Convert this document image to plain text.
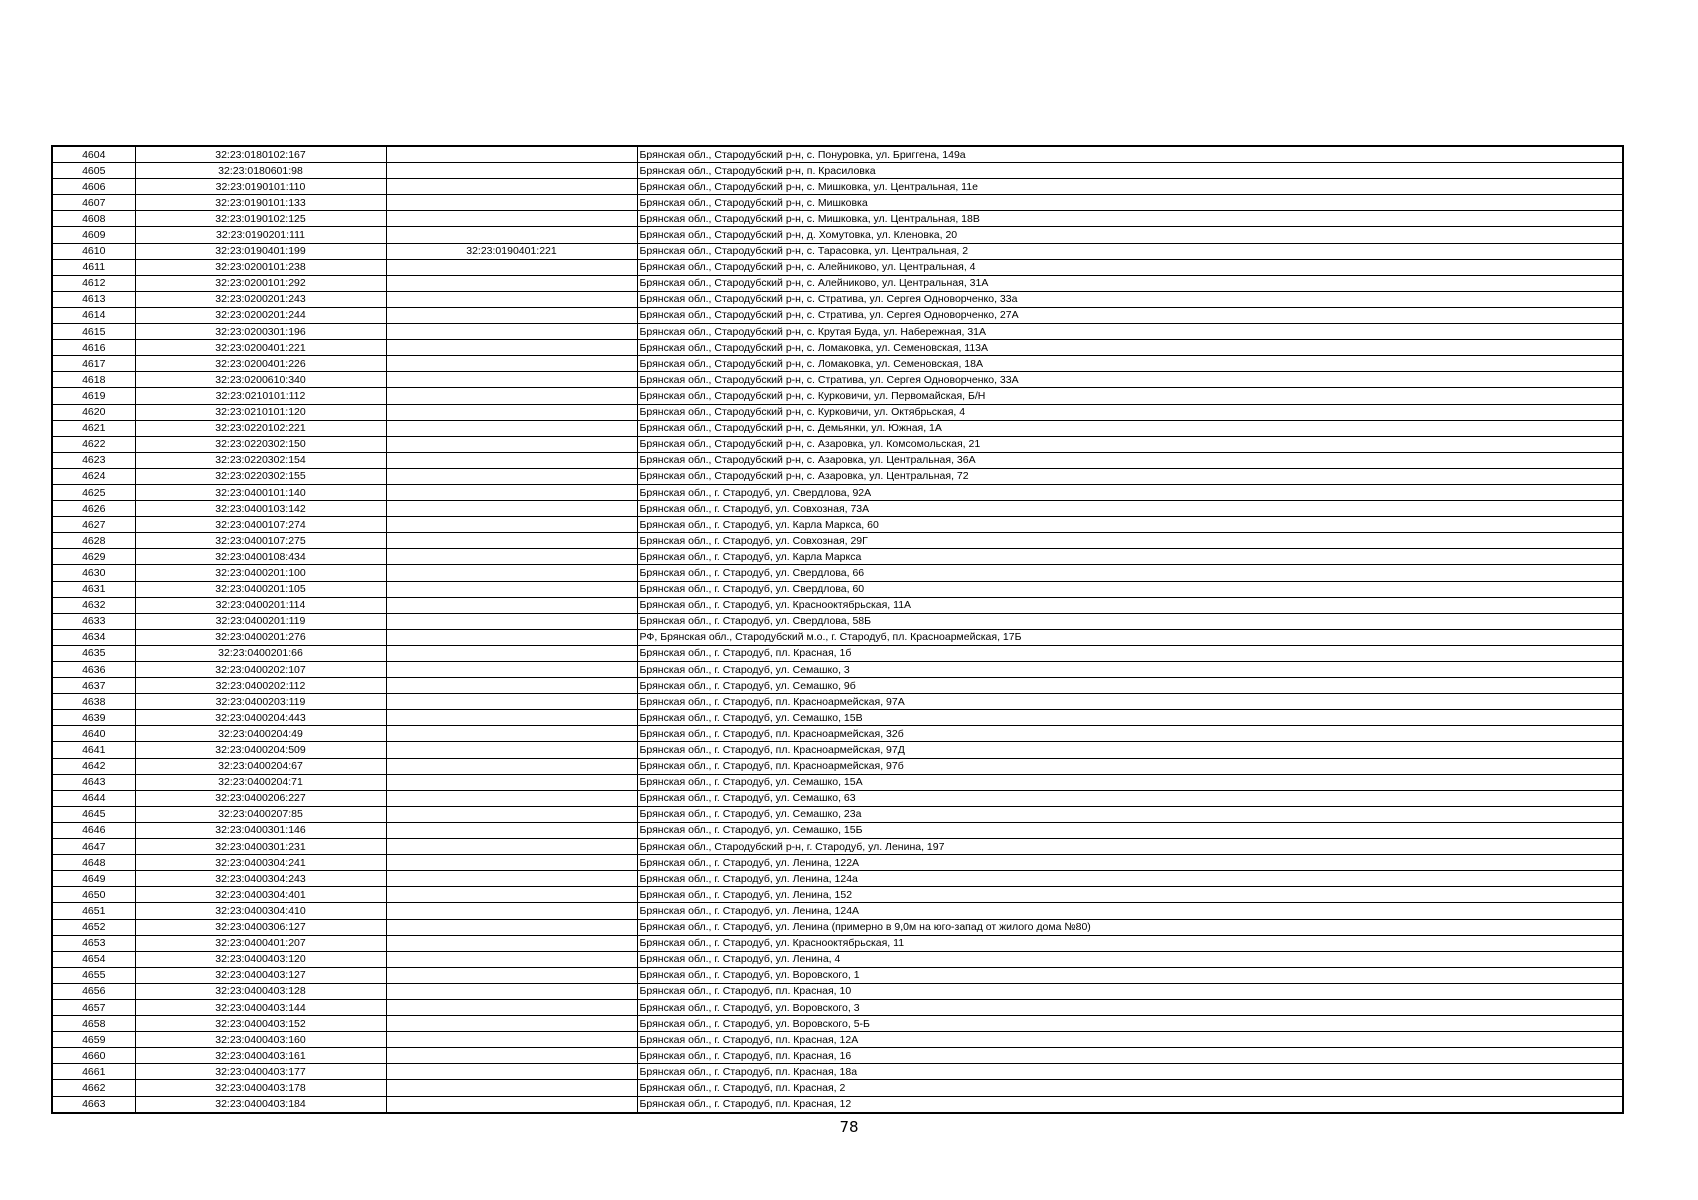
4604	32:23:0180102:167		Брянская обл., Стародубский р-н, с. Понуровка, ул. Бриггена, 149а
4605	32:23:0180601:98		Брянская обл., Стародубский р-н, п. Красиловка
4606	32:23:0190101:110		Брянская обл., Стародубский р-н, с. Мишковка, ул. Центральная, 11е
4607	32:23:0190101:133		Брянская обл., Стародубский р-н, с. Мишковка
4608	32:23:0190102:125		Брянская обл., Стародубский р-н, с. Мишковка, ул. Центральная, 18В
4609	32:23:0190201:111		Брянская обл., Стародубский р-н, д. Хомутовка, ул. Кленовка, 20
4610	32:23:0190401:199	32:23:0190401:221	Брянская обл., Стародубский р-н, с. Тарасовка, ул. Центральная, 2
4611	32:23:0200101:238		Брянская обл., Стародубский р-н, с. Алейниково, ул. Центральная, 4
4612	32:23:0200101:292		Брянская обл., Стародубский р-н, с. Алейниково, ул. Центральная, 31А
4613	32:23:0200201:243		Брянская обл., Стародубский р-н, с. Стратива, ул. Сергея Одноворченко, 33а
4614	32:23:0200201:244		Брянская обл., Стародубский р-н, с. Стратива, ул. Сергея Одноворченко, 27А
4615	32:23:0200301:196		Брянская обл., Стародубский р-н, с. Крутая Буда, ул. Набережная, 31А
4616	32:23:0200401:221		Брянская обл., Стародубский р-н, с. Ломаковка, ул. Семеновская, 113А
4617	32:23:0200401:226		Брянская обл., Стародубский р-н, с. Ломаковка, ул. Семеновская, 18А
4618	32:23:0200610:340		Брянская обл., Стародубский р-н, с. Стратива, ул. Сергея Одноворченко, 33А
4619	32:23:0210101:112		Брянская обл., Стародубский р-н, с. Курковичи, ул. Первомайская, Б/Н
4620	32:23:0210101:120		Брянская обл., Стародубский р-н, с. Курковичи, ул. Октябрьская, 4
4621	32:23:0220102:221		Брянская обл., Стародубский р-н, с. Демьянки, ул. Южная, 1А
4622	32:23:0220302:150		Брянская обл., Стародубский р-н, с. Азаровка, ул. Комсомольская, 21
4623	32:23:0220302:154		Брянская обл., Стародубский р-н, с. Азаровка, ул. Центральная, 36А
4624	32:23:0220302:155		Брянская обл., Стародубский р-н, с. Азаровка, ул. Центральная, 72
4625	32:23:0400101:140		Брянская обл., г. Стародуб, ул. Свердлова, 92А
4626	32:23:0400103:142		Брянская обл., г. Стародуб, ул. Совхозная, 73А
4627	32:23:0400107:274		Брянская обл., г. Стародуб, ул. Карла Маркса, 60
4628	32:23:0400107:275		Брянская обл., г. Стародуб, ул. Совхозная, 29Г
4629	32:23:0400108:434		Брянская обл., г. Стародуб, ул. Карла Маркса
4630	32:23:0400201:100		Брянская обл., г. Стародуб, ул. Свердлова, 66
4631	32:23:0400201:105		Брянская обл., г. Стародуб, ул. Свердлова, 60
4632	32:23:0400201:114		Брянская обл., г. Стародуб, ул. Краснооктябрьская, 11А
4633	32:23:0400201:119		Брянская обл., г. Стародуб, ул. Свердлова, 58Б
4634	32:23:0400201:276		РФ, Брянская обл., Стародубский м.о., г. Стародуб, пл. Красноармейская, 17Б
4635	32:23:0400201:66		Брянская обл., г. Стародуб, пл. Красная, 1б
4636	32:23:0400202:107		Брянская обл., г. Стародуб, ул. Семашко, 3
4637	32:23:0400202:112		Брянская обл., г. Стародуб, ул. Семашко, 9б
4638	32:23:0400203:119		Брянская обл., г. Стародуб, пл. Красноармейская, 97А
4639	32:23:0400204:443		Брянская обл., г. Стародуб, ул. Семашко, 15В
4640	32:23:0400204:49		Брянская обл., г. Стародуб, пл. Красноармейская, 32б
4641	32:23:0400204:509		Брянская обл., г. Стародуб, пл. Красноармейская, 97Д
4642	32:23:0400204:67		Брянская обл., г. Стародуб, пл. Красноармейская, 97б
4643	32:23:0400204:71		Брянская обл., г. Стародуб, ул. Семашко, 15А
4644	32:23:0400206:227		Брянская обл., г. Стародуб, ул. Семашко, 63
4645	32:23:0400207:85		Брянская обл., г. Стародуб, ул. Семашко, 23а
4646	32:23:0400301:146		Брянская обл., г. Стародуб, ул. Семашко, 15Б
4647	32:23:0400301:231		Брянская обл., Стародубский р-н, г. Стародуб, ул. Ленина, 197
4648	32:23:0400304:241		Брянская обл., г. Стародуб, ул. Ленина, 122А
4649	32:23:0400304:243		Брянская обл., г. Стародуб, ул. Ленина, 124а
4650	32:23:0400304:401		Брянская обл., г. Стародуб, ул. Ленина, 152
4651	32:23:0400304:410		Брянская обл., г. Стародуб, ул. Ленина, 124А
4652	32:23:0400306:127		Брянская обл., г. Стародуб, ул. Ленина (примерно в 9,0м на юго-запад от жилого дома №80)
4653	32:23:0400401:207		Брянская обл., г. Стародуб, ул. Краснооктябрьская, 11
4654	32:23:0400403:120		Брянская обл., г. Стародуб, ул. Ленина, 4
4655	32:23:0400403:127		Брянская обл., г. Стародуб, ул. Воровского, 1
4656	32:23:0400403:128		Брянская обл., г. Стародуб, пл. Красная, 10
4657	32:23:0400403:144		Брянская обл., г. Стародуб, ул. Воровского, 3
4658	32:23:0400403:152		Брянская обл., г. Стародуб, ул. Воровского, 5-Б
4659	32:23:0400403:160		Брянская обл., г. Стародуб, пл. Красная, 12А
4660	32:23:0400403:161		Брянская обл., г. Стародуб, пл. Красная, 16
4661	32:23:0400403:177		Брянская обл., г. Стародуб, пл. Красная, 18а
4662	32:23:0400403:178		Брянская обл., г. Стародуб, пл. Красная, 2
4663	32:23:0400403:184		Брянская обл., г. Стародуб, пл. Красная, 12
78
